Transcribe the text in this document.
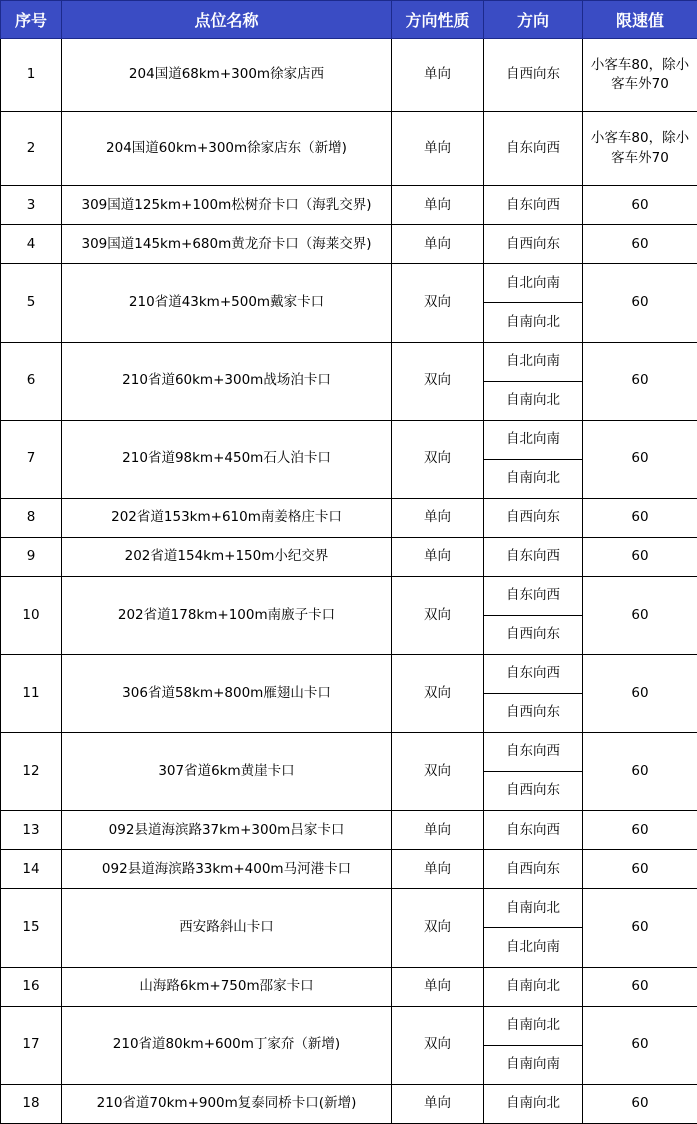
序号	点位名称	方向性质	方向	限速值
1	204国道68km+300m徐家店西	单向	自西向东	小客车80，除小客车外70
2	204国道60km+300m徐家店东（新增)	单向	自东向西	小客车80，除小客车外70
3	309国道125km+100m松树夼卡口（海乳交界)	单向	自东向西	60
4	309国道145km+680m黄龙夼卡口（海莱交界)	单向	自西向东	60
5	210省道43km+500m戴家卡口	双向	自北向南	60
			自南向北	
6	210省道60km+300m战场泊卡口	双向	自北向南	60
			自南向北	
7	210省道98km+450m石人泊卡口	双向	自北向南	60
			自南向北	
8	202省道153km+610m南姜格庄卡口	单向	自西向东	60
9	202省道154km+150m小纪交界	单向	自东向西	60
10	202省道178km+100m南廒子卡口	双向	自东向西	60
			自西向东	
11	306省道58km+800m雁翅山卡口	双向	自东向西	60
			自西向东	
12	307省道6km黄崖卡口	双向	自东向西	60
			自西向东	
13	092县道海滨路37km+300m吕家卡口	单向	自东向西	60
14	092县道海滨路33km+400m马河港卡口	单向	自西向东	60
15	西安路斜山卡口	双向	自南向北	60
			自北向南	
16	山海路6km+750m邵家卡口	单向	自南向北	60
17	210省道80km+600m丁家夼（新增)	双向	自南向北	60
			自南向南	
18	210省道70km+900m复泰同桥卡口(新增)	单向	自南向北	60
